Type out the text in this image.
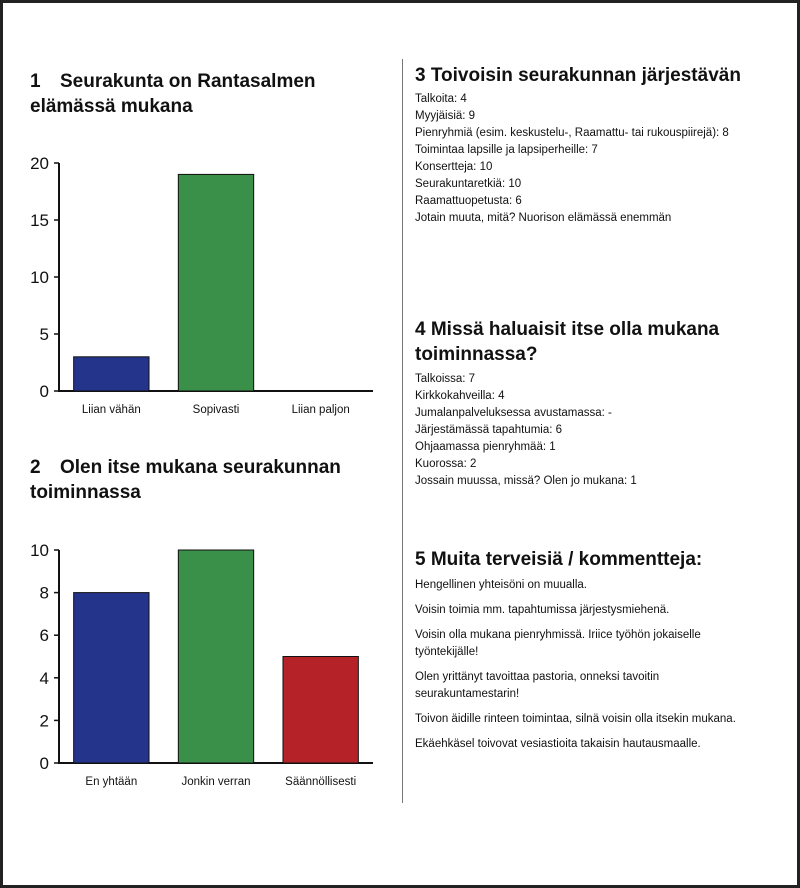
1 Seurakunta on Rantasalmen elämässä mukana
0
5
10
15
20
Liian vähän	Sopivasti	Liian paljon
2 Olen itse mukana seurakunnan toiminnassa
0
2
4
6
8
10
En yhtään	Jonkin verran	Säännöllisesti
3 Toivoisin seurakunnan järjestävän

Talkoita: 4

Myyjäisiä: 9

Pienryhmiä (esim. keskustelu-, Raamattu- tai rukouspiirejä): 8

Toimintaa lapsille ja lapsiperheille: 7

Konsertteja: 10

Seurakuntaretkiä: 10

Raamattuopetusta: 6

Jotain muuta, mitä? Nuorison elämässä enemmän

4 Missä haluaisit itse olla mukana toiminnassa?

Talkoissa: 7

Kirkkokahveilla: 4

Jumalanpalveluksessa avustamassa: -

Järjestämässä tapahtumia: 6

Ohjaamassa pienryhmää: 1

Kuorossa: 2

Jossain muussa, missä? Olen jo mukana: 1

5 Muita terveisiä / kommentteja:

Hengellinen yhteisöni on muualla.

Voisin toimia mm. tapahtumissa järjestysmiehenä.

Voisin olla mukana pienryhmissä. Iriice työhön jokaiselle työntekijälle!

Olen yrittänyt tavoittaa pastoria, onneksi tavoitin seurakuntamestarin!

Toivon äidille rinteen toimintaa, silnä voisin olla itsekin mukana.

Ekäehkäsel toivovat vesiastioita takaisin hautausmaalle.
